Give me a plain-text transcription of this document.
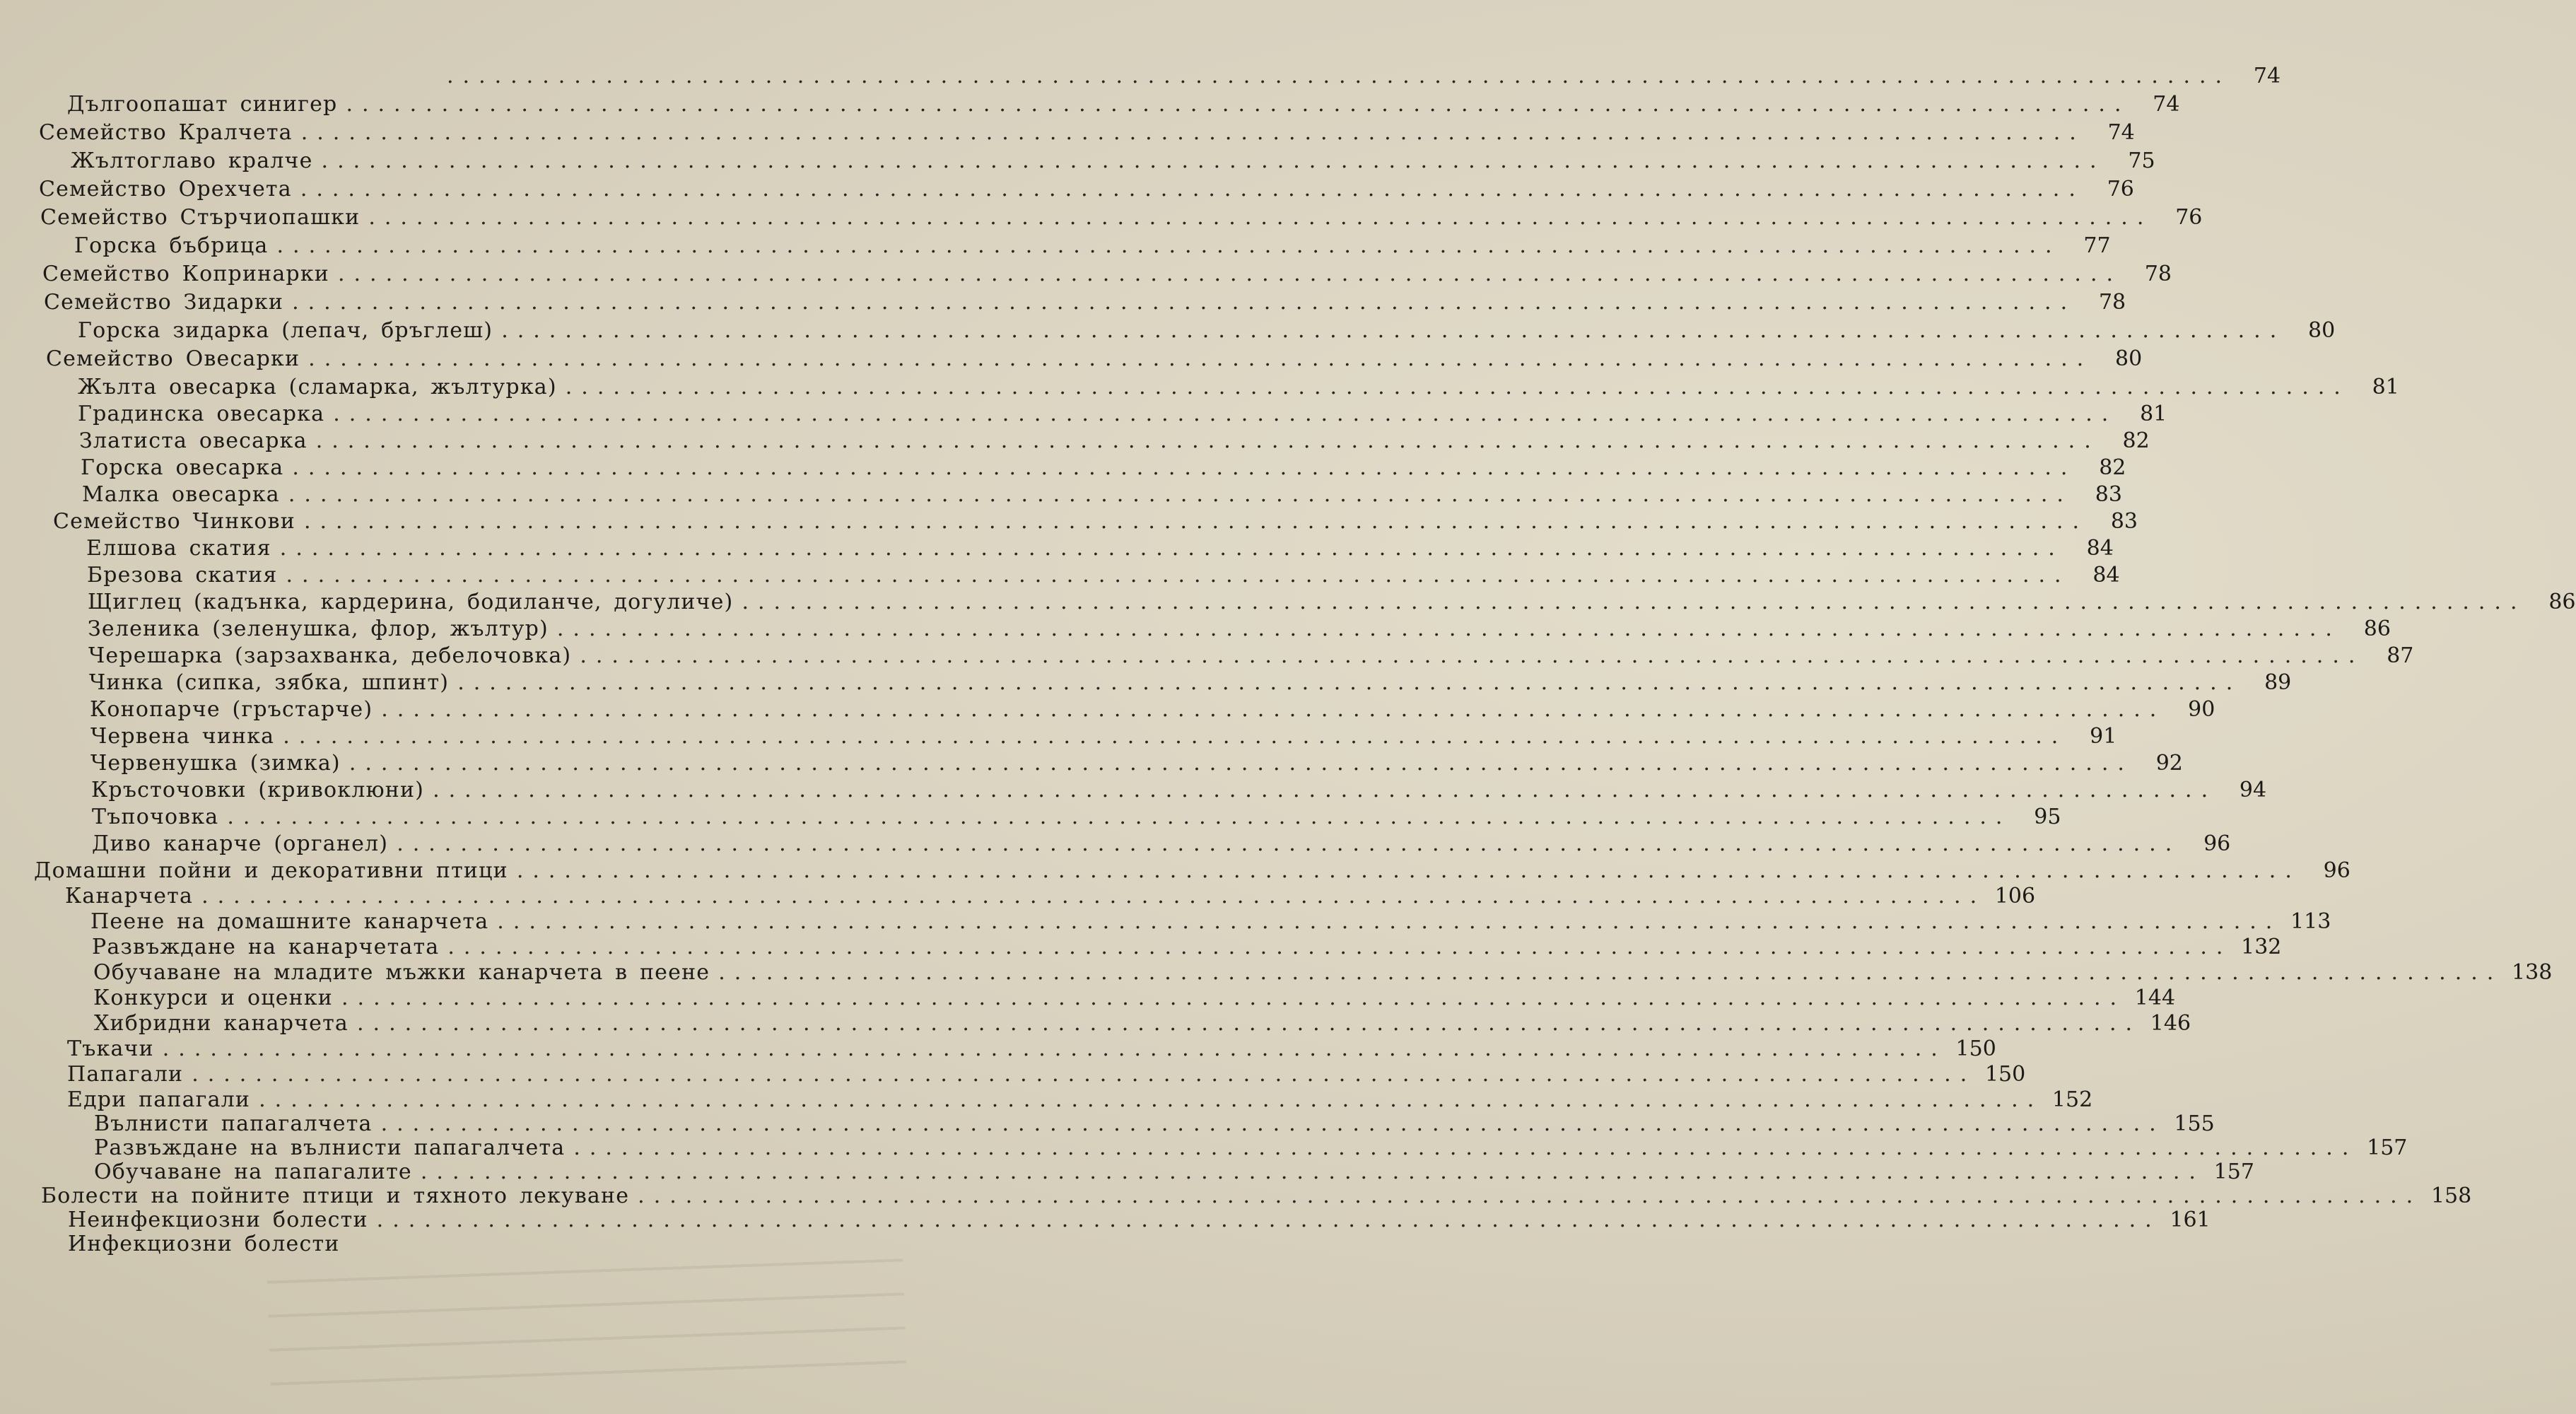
................................................................................................................	74
Дългоопашат синигер ................................................................................................................	74
Семейство Кралчета ................................................................................................................	74
Жълтоглаво кралче ................................................................................................................	75
Семейство Орехчета ................................................................................................................	76
Семейство Стърчиопашки ................................................................................................................	76
Горска бъбрица ................................................................................................................	77
Семейство Копринарки ................................................................................................................	78
Семейство Зидарки ................................................................................................................	78
Горска зидарка (лепач, бръглеш) ................................................................................................................	80
Семейство Овесарки ................................................................................................................	80
Жълта овесарка (сламарка, жълтурка) ................................................................................................................	81
Градинска овесарка ................................................................................................................	81
Златиста овесарка ................................................................................................................	82
Горска овесарка ................................................................................................................	82
Малка овесарка ................................................................................................................	83
Семейство Чинкови ................................................................................................................	83
Елшова скатия ................................................................................................................	84
Брезова скатия ................................................................................................................	84
Щиглец (кадънка, кардерина, бодиланче, догуличе) ................................................................................................................	86
Зеленика (зеленушка, флор, жълтур) ................................................................................................................	86
Черешарка (зарзахванка, дебелочовка) ................................................................................................................	87
Чинка (сипка, зябка, шпинт) ................................................................................................................	89
Конопарче (гръстарче) ................................................................................................................	90
Червена чинка ................................................................................................................	91
Червенушка (зимка) ................................................................................................................	92
Кръсточовки (кривоклюни) ................................................................................................................	94
Тъпочовка ................................................................................................................	95
Диво канарче (органел) ................................................................................................................	96
Домашни пойни и декоративни птици ................................................................................................................	96
Канарчета ................................................................................................................ 106
Пеене на домашните канарчета ................................................................................................................ 113
Развъждане на канарчетата ................................................................................................................ 132
Обучаване на младите мъжки канарчета в пеене ................................................................................................................ 138
Конкурси и оценки ................................................................................................................ 144
Хибридни канарчета ................................................................................................................ 146
Тъкачи ................................................................................................................ 150
Папагали ................................................................................................................ 150
Едри папагали ................................................................................................................ 152
Вълнисти папагалчета ................................................................................................................ 155
Развъждане на вълнисти папагалчета ................................................................................................................ 157
Обучаване на папагалите ................................................................................................................ 157
Болести на пойните птици и тяхното лекуване ................................................................................................................ 158
Неинфекциозни болести ................................................................................................................ 161
Инфекциозни болести
